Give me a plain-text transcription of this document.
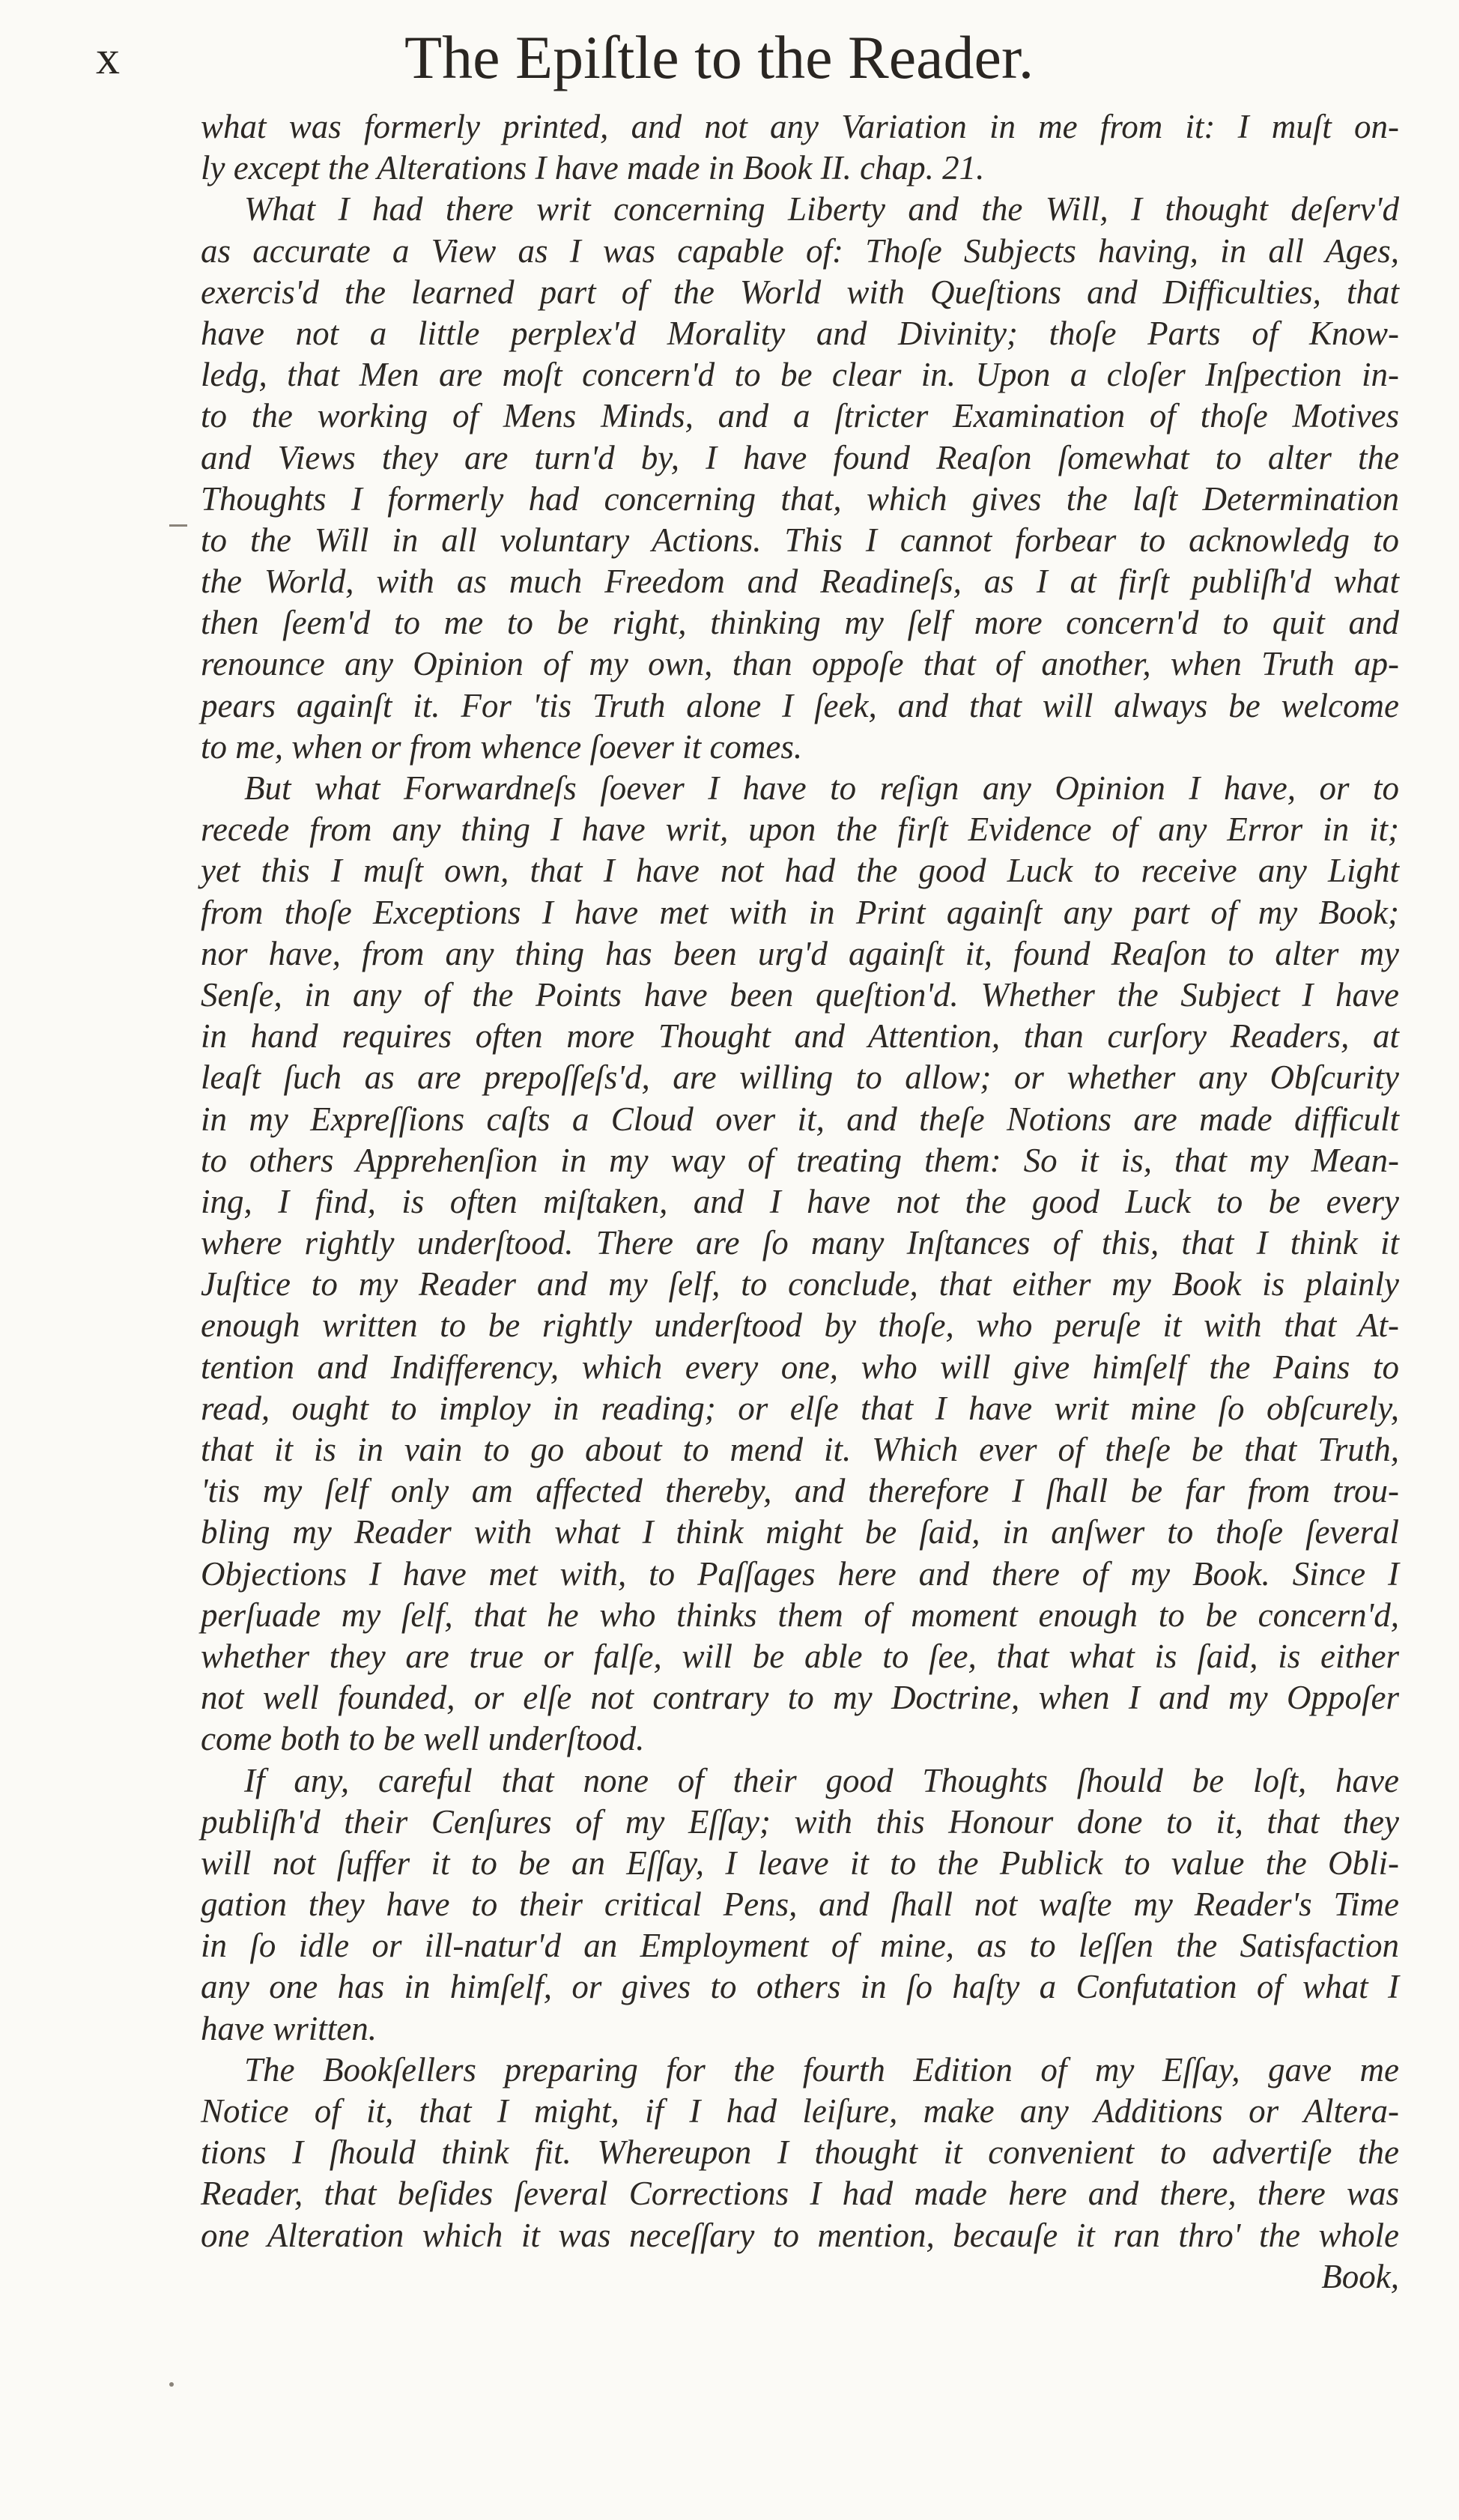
x	The Epiſtle to the Reader.
what was formerly printed, and not any Variation in me from it: I muſt on-
ly except the Alterations I have made in Book II. chap. 21.
What I had there writ concerning Liberty and the Will, I thought deſerv'd
as accurate a View as I was capable of: Thoſe Subjects having, in all Ages,
exercis'd the learned part of the World with Queſtions and Difficulties, that
have not a little perplex'd Morality and Divinity; thoſe Parts of Know-
ledg, that Men are moſt concern'd to be clear in. Upon a cloſer Inſpection in-
to the working of Mens Minds, and a ſtricter Examination of thoſe Motives
and Views they are turn'd by, I have found Reaſon ſomewhat to alter the
Thoughts I formerly had concerning that, which gives the laſt Determination
to the Will in all voluntary Actions. This I cannot forbear to acknowledg to
the World, with as much Freedom and Readineſs, as I at firſt publiſh'd what
then ſeem'd to me to be right, thinking my ſelf more concern'd to quit and
renounce any Opinion of my own, than oppoſe that of another, when Truth ap-
pears againſt it. For 'tis Truth alone I ſeek, and that will always be welcome
to me, when or from whence ſoever it comes.
But what Forwardneſs ſoever I have to reſign any Opinion I have, or to
recede from any thing I have writ, upon the firſt Evidence of any Error in it;
yet this I muſt own, that I have not had the good Luck to receive any Light
from thoſe Exceptions I have met with in Print againſt any part of my Book;
nor have, from any thing has been urg'd againſt it, found Reaſon to alter my
Senſe, in any of the Points have been queſtion'd. Whether the Subject I have
in hand requires often more Thought and Attention, than curſory Readers, at
leaſt ſuch as are prepoſſeſs'd, are willing to allow; or whether any Obſcurity
in my Expreſſions caſts a Cloud over it, and theſe Notions are made difficult
to others Apprehenſion in my way of treating them: So it is, that my Mean-
ing, I find, is often miſtaken, and I have not the good Luck to be every
where rightly underſtood. There are ſo many Inſtances of this, that I think it
Juſtice to my Reader and my ſelf, to conclude, that either my Book is plainly
enough written to be rightly underſtood by thoſe, who peruſe it with that At-
tention and Indifferency, which every one, who will give himſelf the Pains to
read, ought to imploy in reading; or elſe that I have writ mine ſo obſcurely,
that it is in vain to go about to mend it. Which ever of theſe be that Truth,
'tis my ſelf only am affected thereby, and therefore I ſhall be far from trou-
bling my Reader with what I think might be ſaid, in anſwer to thoſe ſeveral
Objections I have met with, to Paſſages here and there of my Book. Since I
perſuade my ſelf, that he who thinks them of moment enough to be concern'd,
whether they are true or falſe, will be able to ſee, that what is ſaid, is either
not well founded, or elſe not contrary to my Doctrine, when I and my Oppoſer
come both to be well underſtood.
If any, careful that none of their good Thoughts ſhould be loſt, have
publiſh'd their Cenſures of my Eſſay; with this Honour done to it, that they
will not ſuffer it to be an Eſſay, I leave it to the Publick to value the Obli-
gation they have to their critical Pens, and ſhall not waſte my Reader's Time
in ſo idle or ill-natur'd an Employment of mine, as to leſſen the Satisfaction
any one has in himſelf, or gives to others in ſo haſty a Confutation of what I
have written.
The Bookſellers preparing for the fourth Edition of my Eſſay, gave me
Notice of it, that I might, if I had leiſure, make any Additions or Altera-
tions I ſhould think fit. Whereupon I thought it convenient to advertiſe the
Reader, that beſides ſeveral Corrections I had made here and there, there was
one Alteration which it was neceſſary to mention, becauſe it ran thro' the whole
Book,
